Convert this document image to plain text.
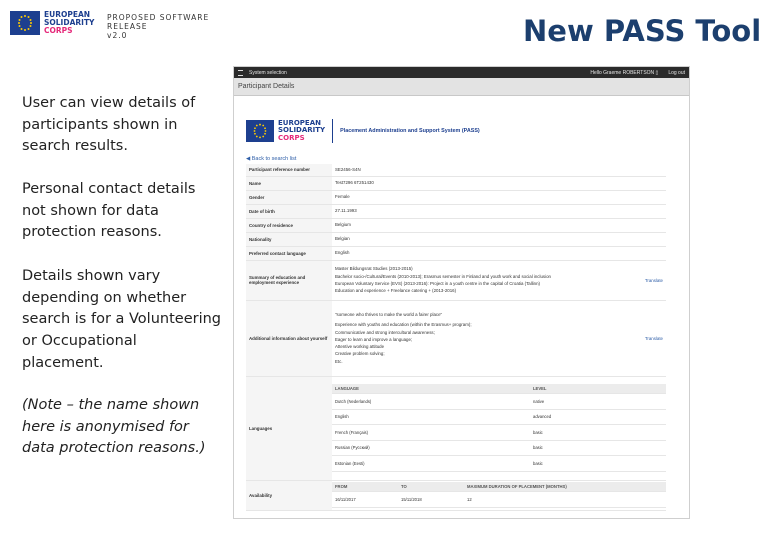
EUROPEAN
SOLIDARITY
CORPS
PROPOSED SOFTWARE
RELEASE
v2.0	New PASS Tool
User can view details of participants shown in search results.
Personal contact details not shown for data protection reasons.
Details shown vary depending on whether search is for a Volunteering or Occupational placement.
(Note – the name shown here is anonymised for data protection reasons.)
System selection	Hello Graeme ROBERTSON ▯ Log out
Participant Details
EUROPEAN
SOLIDARITY
CORPS
Placement Administration and Support System (PASS)
◀ Back to search list
Participant reference number	SE2456-S4N
Name	Test7296 6T251430
Gender	Female
Date of birth	27.11.1993
Country of residence	Belgium
Nationality	Belgian
Preferred contact language	English
Summary of education and employment experience	
Master Bildungsrat Studies (2013-2015)
Bachelor socio-/Cultural/Events (2010-2013); Erasmus semester in Finland and youth work and social inclusion
European Voluntary Service (EVS) (2013-2016): Project in a youth centre in the capital of Croatia (Tallinn)
Education and experience + Freelance catering + (2013-2016)
	Translate
Additional information about yourself	
"someone who thrives to make the world a fairer place"
Experience with youths and education (within the Erasmus+ program);
Communicative and strong intercultural awareness;
Eager to learn and improve a language;
Attentive working attitude
Creative problem solving;
Etc.
	Translate
Languages	
LANGUAGE	LEVEL
Dutch (Nederlands)	native
English	advanced
French (Français)	basic
Russian (Русский)	basic
Estonian (Eesti)	basic

Availability	
FROM	TO	MAXIMUM DURATION OF PLACEMENT (MONTHS)
16/11/2017	15/11/2018	12
